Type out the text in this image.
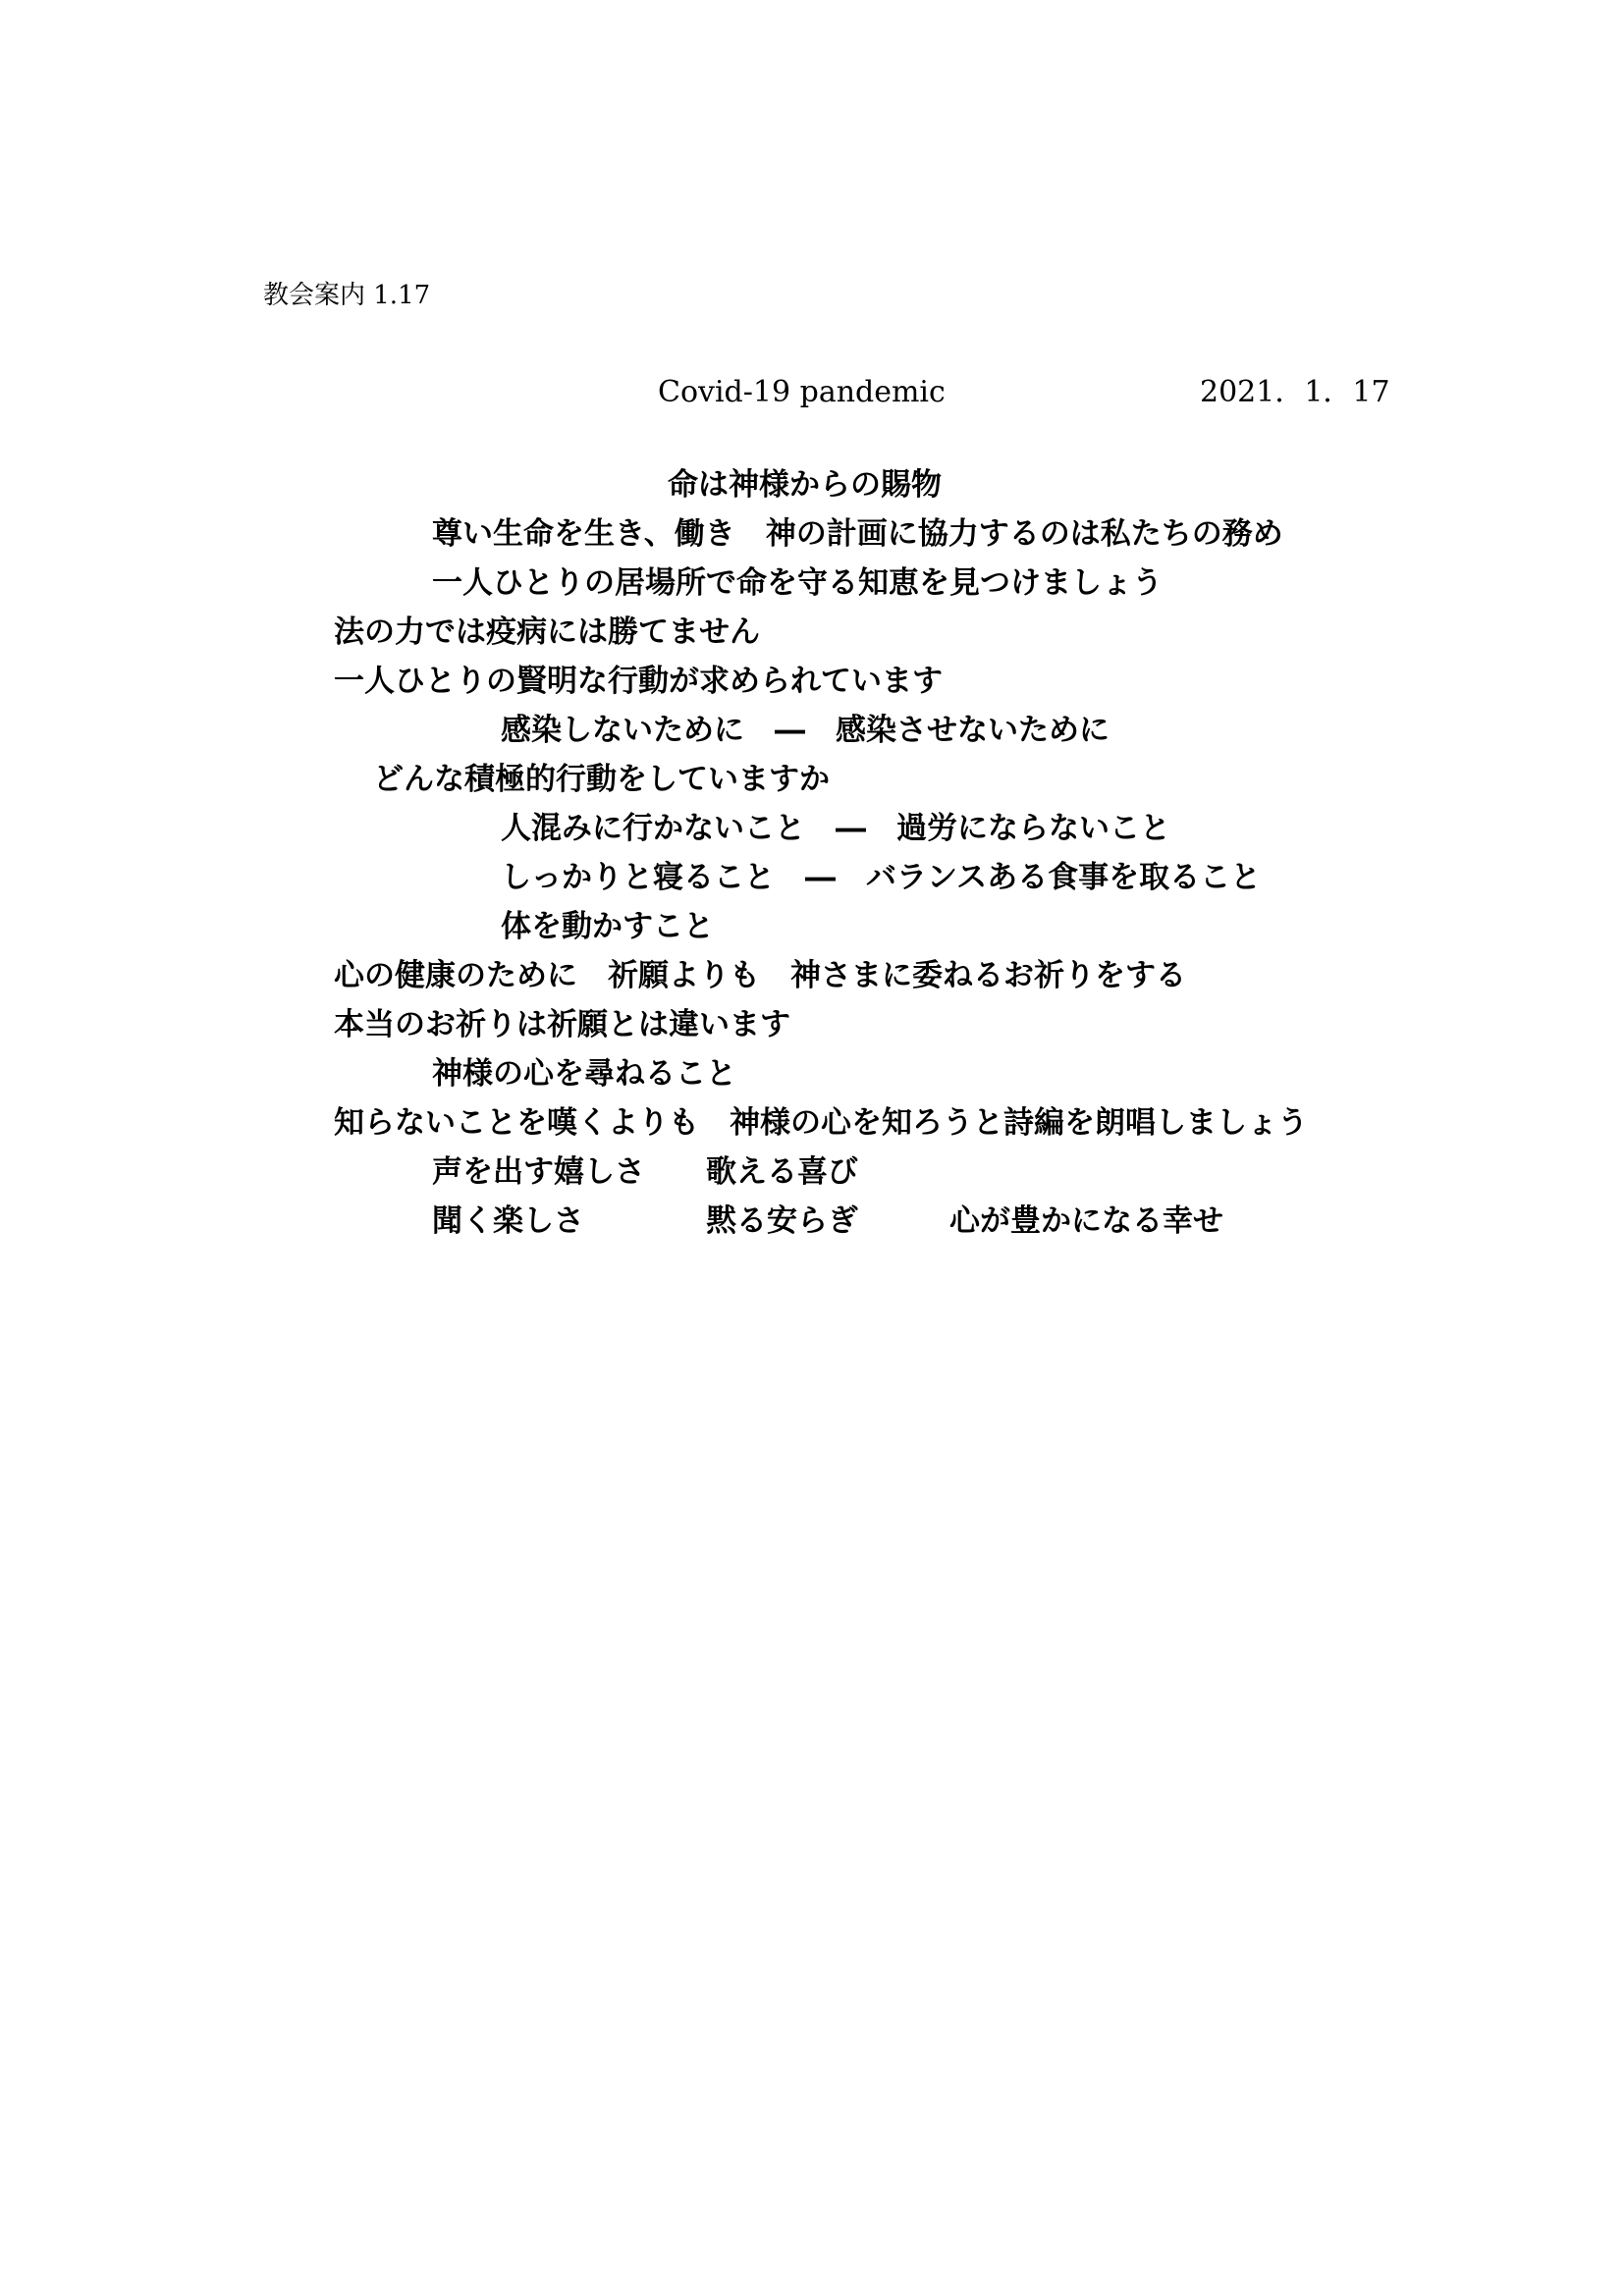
教会案内 1.17
Covid-19 pandemic	2021．1．17
命は神様からの賜物
尊い生命を生き、働き　神の計画に協力するのは私たちの務め
一人ひとりの居場所で命を守る知恵を見つけましょう
法の力では疫病には勝てません
一人ひとりの賢明な行動が求められています
感染しないために　―　感染させないために
どんな積極的行動をしていますか
人混みに行かないこと　―　過労にならないこと
しっかりと寝ること　―　バランスある食事を取ること
体を動かすこと
心の健康のために　祈願よりも　神さまに委ねるお祈りをする
本当のお祈りは祈願とは違います
神様の心を尋ねること
知らないことを嘆くよりも　神様の心を知ろうと詩編を朗唱しましょう
声を出す嬉しさ　　歌える喜び
聞く楽しさ　　　　黙る安らぎ　　　心が豊かになる幸せ
